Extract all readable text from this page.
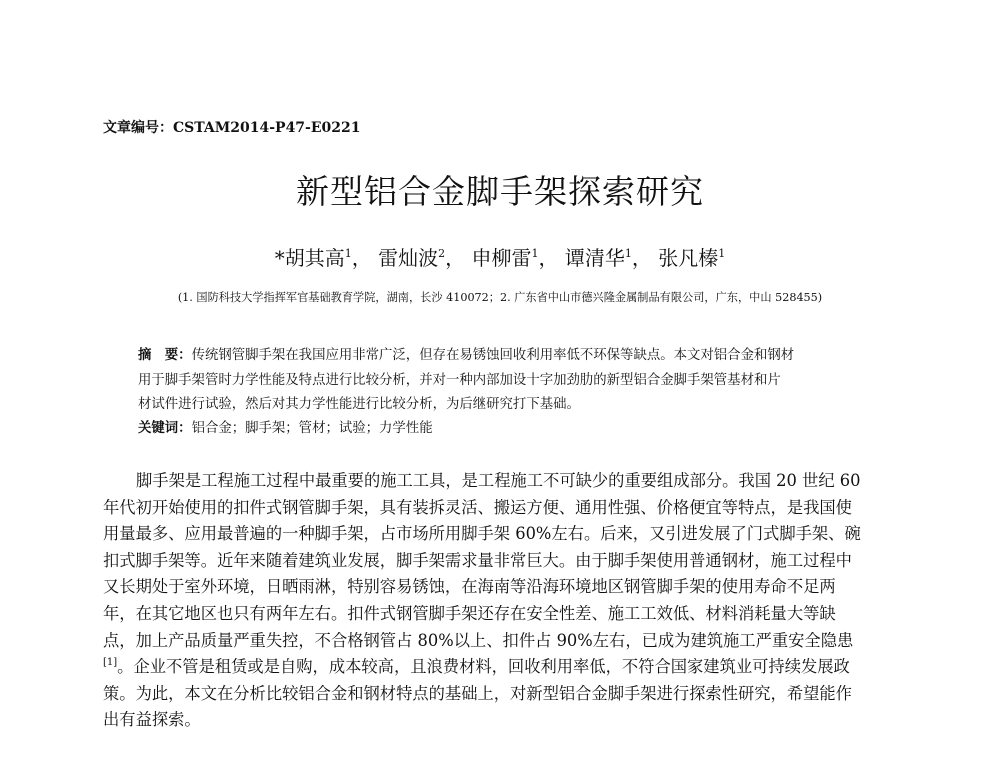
文章编号：CSTAM2014-P47-E0221
新型铝合金脚手架探索研究
*胡其高$^1$， 雷灿波$^2$， 申柳雷$^1$， 谭清华$^1$， 张凡榛$^1$
(1. 国防科技大学指挥军官基础教育学院，湖南，长沙 410072；2. 广东省中山市德兴隆金属制品有限公司，广东，中山 528455)
摘　要：传统钢管脚手架在我国应用非常广泛，但存在易锈蚀回收利用率低不环保等缺点。本文对铝合金和钢材
用于脚手架管时力学性能及特点进行比较分析，并对一种内部加设十字加劲肋的新型铝合金脚手架管基材和片
材试件进行试验，然后对其力学性能进行比较分析，为后继研究打下基础。
关键词：铝合金；脚手架；管材；试验；力学性能
脚手架是工程施工过程中最重要的施工工具，是工程施工不可缺少的重要组成部分。我国 20 世纪 60
年代初开始使用的扣件式钢管脚手架，具有装拆灵活、搬运方便、通用性强、价格便宜等特点，是我国使
用量最多、应用最普遍的一种脚手架，占市场所用脚手架 60%左右。后来，又引进发展了门式脚手架、碗
扣式脚手架等。近年来随着建筑业发展，脚手架需求量非常巨大。由于脚手架使用普通钢材，施工过程中
又长期处于室外环境，日晒雨淋，特别容易锈蚀，在海南等沿海环境地区钢管脚手架的使用寿命不足两
年，在其它地区也只有两年左右。扣件式钢管脚手架还存在安全性差、施工工效低、材料消耗量大等缺
点，加上产品质量严重失控，不合格钢管占 80%以上、扣件占 90%左右，已成为建筑施工严重安全隐患
[1]。企业不管是租赁或是自购，成本较高，且浪费材料，回收利用率低，不符合国家建筑业可持续发展政
策。为此，本文在分析比较铝合金和钢材特点的基础上，对新型铝合金脚手架进行探索性研究，希望能作
出有益探索。
